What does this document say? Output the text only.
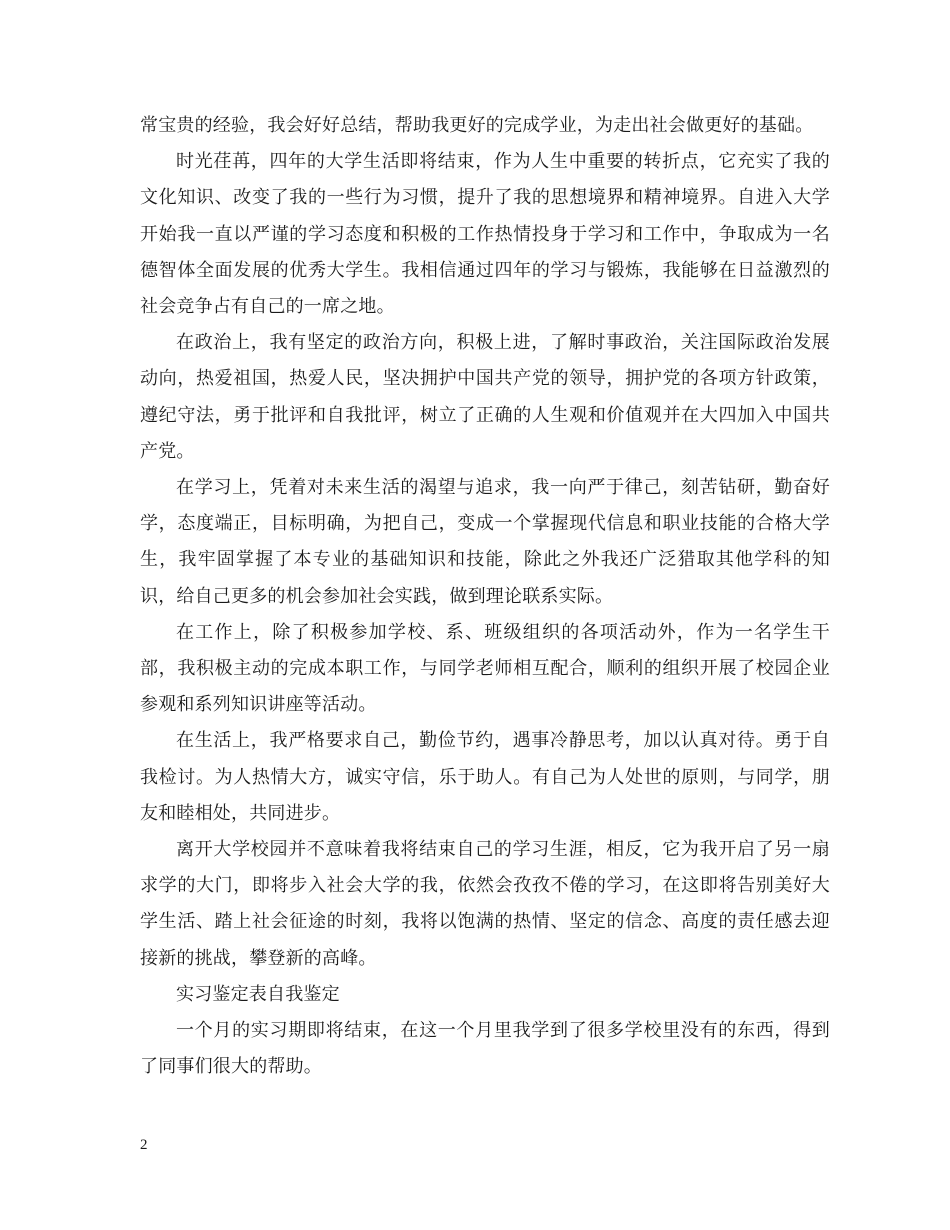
常宝贵的经验，我会好好总结，帮助我更好的完成学业，为走出社会做更好的基础。

时光荏苒，四年的大学生活即将结束，作为人生中重要的转折点，它充实了我的文化知识、改变了我的一些行为习惯，提升了我的思想境界和精神境界。自进入大学开始我一直以严谨的学习态度和积极的工作热情投身于学习和工作中，争取成为一名德智体全面发展的优秀大学生。我相信通过四年的学习与锻炼，我能够在日益激烈的社会竞争占有自己的一席之地。

在政治上，我有坚定的政治方向，积极上进，了解时事政治，关注国际政治发展动向，热爱祖国，热爱人民，坚决拥护中国共产党的领导，拥护党的各项方针政策，遵纪守法，勇于批评和自我批评，树立了正确的人生观和价值观并在大四加入中国共产党。

在学习上，凭着对未来生活的渴望与追求，我一向严于律己，刻苦钻研，勤奋好学，态度端正，目标明确，为把自己，变成一个掌握现代信息和职业技能的合格大学生，我牢固掌握了本专业的基础知识和技能，除此之外我还广泛猎取其他学科的知识，给自己更多的机会参加社会实践，做到理论联系实际。

在工作上，除了积极参加学校、系、班级组织的各项活动外，作为一名学生干部，我积极主动的完成本职工作，与同学老师相互配合，顺利的组织开展了校园企业参观和系列知识讲座等活动。

在生活上，我严格要求自己，勤俭节约，遇事冷静思考，加以认真对待。勇于自我检讨。为人热情大方，诚实守信，乐于助人。有自己为人处世的原则，与同学，朋友和睦相处，共同进步。

离开大学校园并不意味着我将结束自己的学习生涯，相反，它为我开启了另一扇求学的大门，即将步入社会大学的我，依然会孜孜不倦的学习，在这即将告别美好大学生活、踏上社会征途的时刻，我将以饱满的热情、坚定的信念、高度的责任感去迎接新的挑战，攀登新的高峰。

实习鉴定表自我鉴定

一个月的实习期即将结束，在这一个月里我学到了很多学校里没有的东西，得到了同事们很大的帮助。

2
